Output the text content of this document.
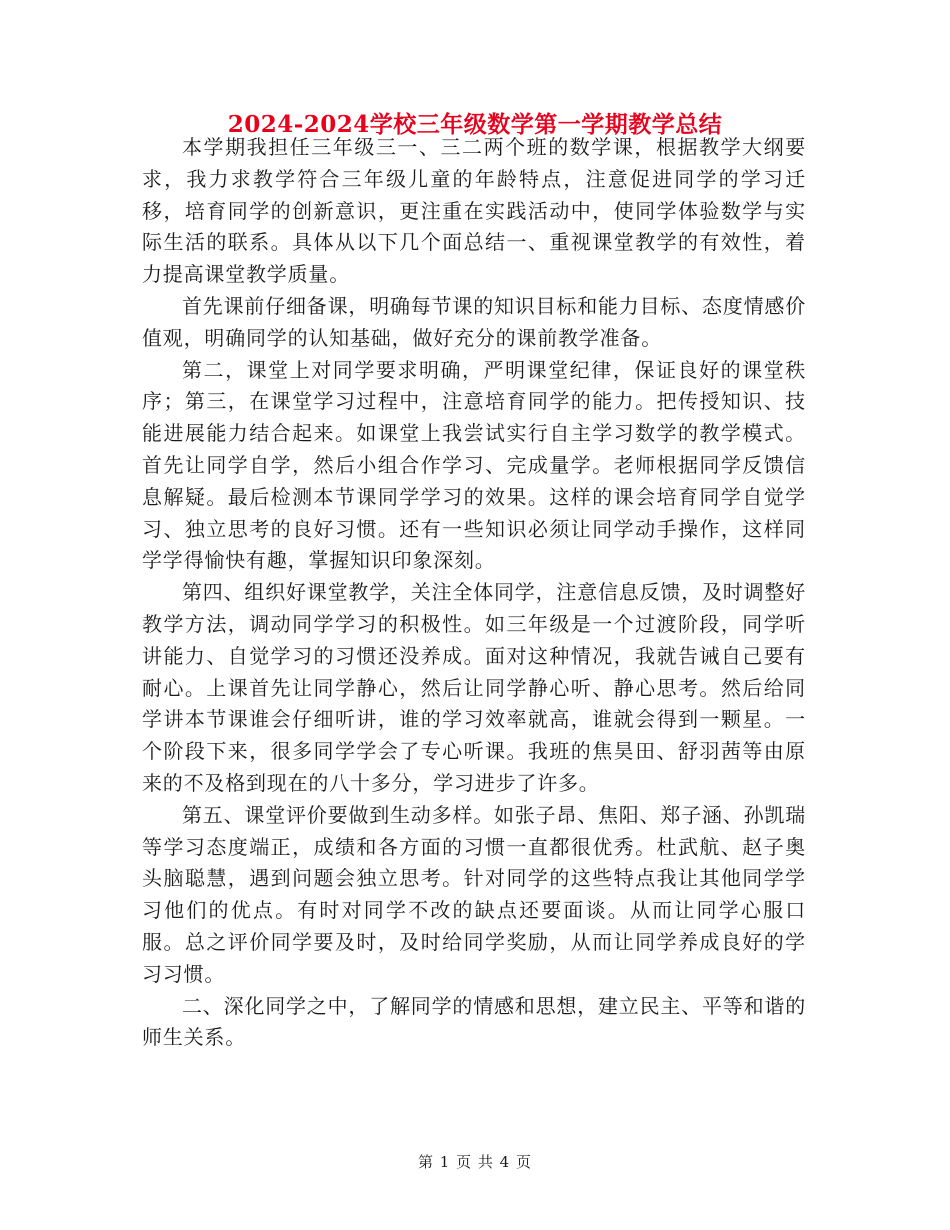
2024-2024学校三年级数学第一学期教学总结

本学期我担任三年级三一、三二两个班的数学课，根据教学大纲要求，我力求教学符合三年级儿童的年龄特点，注意促进同学的学习迁移，培育同学的创新意识，更注重在实践活动中，使同学体验数学与实际生活的联系。具体从以下几个面总结一、重视课堂教学的有效性，着力提高课堂教学质量。

首先课前仔细备课，明确每节课的知识目标和能力目标、态度情感价值观，明确同学的认知基础，做好充分的课前教学准备。

第二，课堂上对同学要求明确，严明课堂纪律，保证良好的课堂秩序；第三，在课堂学习过程中，注意培育同学的能力。把传授知识、技能进展能力结合起来。如课堂上我尝试实行自主学习数学的教学模式。首先让同学自学，然后小组合作学习、完成量学。老师根据同学反馈信息解疑。最后检测本节课同学学习的效果。这样的课会培育同学自觉学习、独立思考的良好习惯。还有一些知识必须让同学动手操作，这样同学学得愉快有趣，掌握知识印象深刻。

第四、组织好课堂教学，关注全体同学，注意信息反馈，及时调整好教学方法，调动同学学习的积极性。如三年级是一个过渡阶段，同学听讲能力、自觉学习的习惯还没养成。面对这种情况，我就告诫自己要有耐心。上课首先让同学静心，然后让同学静心听、静心思考。然后给同学讲本节课谁会仔细听讲，谁的学习效率就高，谁就会得到一颗星。一个阶段下来，很多同学学会了专心听课。我班的焦昊田、舒羽茜等由原来的不及格到现在的八十多分，学习进步了许多。

第五、课堂评价要做到生动多样。如张子昂、焦阳、郑子涵、孙凯瑞等学习态度端正，成绩和各方面的习惯一直都很优秀。杜武航、赵子奥头脑聪慧，遇到问题会独立思考。针对同学的这些特点我让其他同学学习他们的优点。有时对同学不改的缺点还要面谈。从而让同学心服口服。总之评价同学要及时，及时给同学奖励，从而让同学养成良好的学习习惯。

二、深化同学之中，了解同学的情感和思想，建立民主、平等和谐的师生关系。

第 1 页 共 4 页
